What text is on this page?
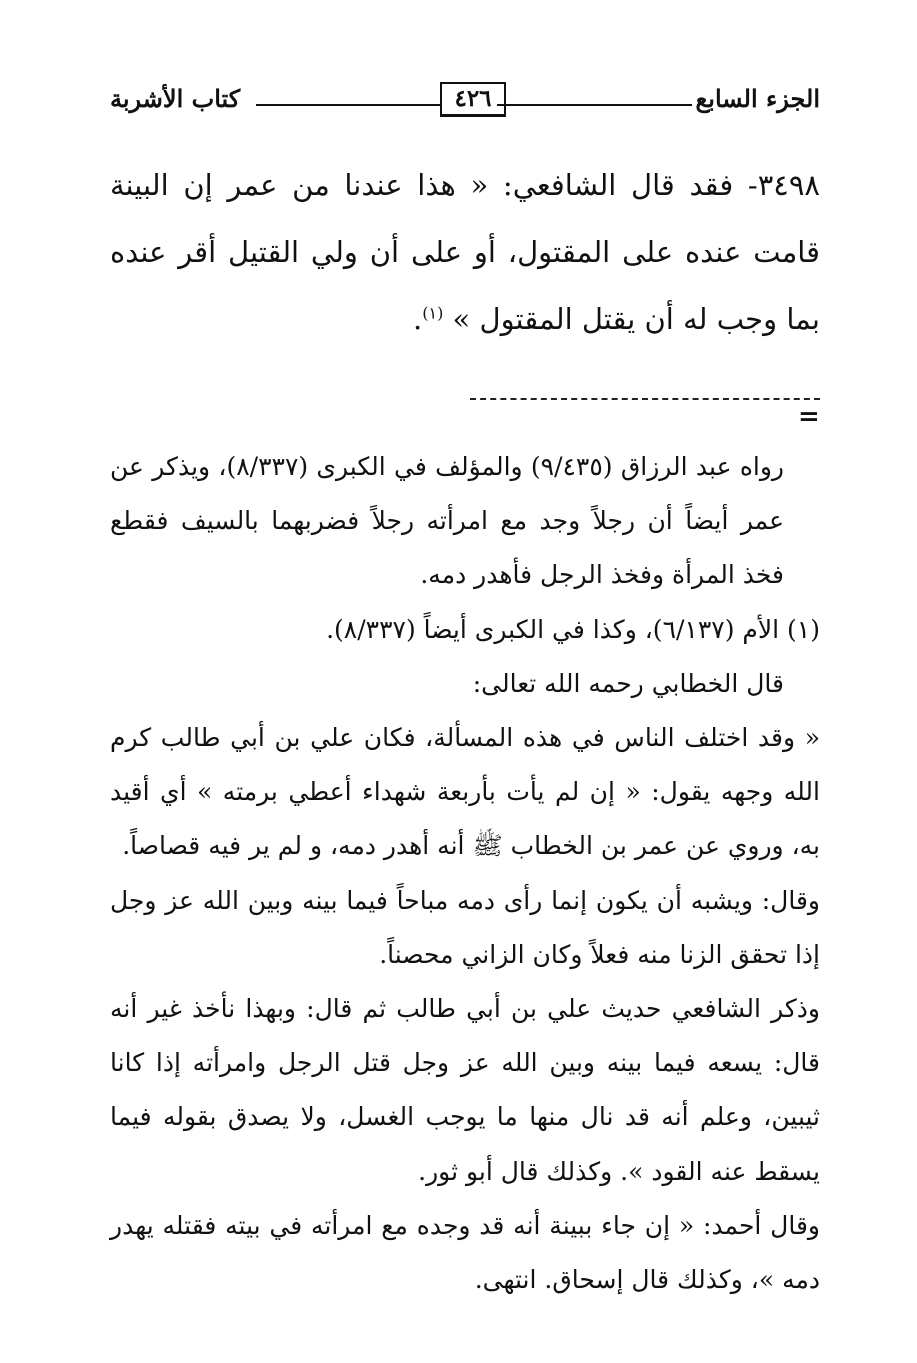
الجزء السابع
٤٢٦
كتاب الأشربة

٣٤٩٨- فقد قال الشافعي: « هذا عندنا من عمر إن البينة قامت عنده على المقتول، أو على أن ولي القتيل أقر عنده بما وجب له أن يقتل المقتول » $^{(١)}$.

=

رواه عبد الرزاق (٩/٤٣٥) والمؤلف في الكبرى (٨/٣٣٧)، ويذكر عن عمر أيضاً أن رجلاً وجد مع امرأته رجلاً فضربهما بالسيف فقطع فخذ المرأة وفخذ الرجل فأهدر دمه.

(١) الأم (٦/١٣٧)، وكذا في الكبرى أيضاً (٨/٣٣٧).

قال الخطابي رحمه الله تعالى:

« وقد اختلف الناس في هذه المسألة، فكان علي بن أبي طالب كرم الله وجهه يقول: « إن لم يأت بأربعة شهداء أعطي برمته » أي أقيد به، وروي عن عمر بن الخطاب ﷺ أنه أهدر دمه، و لم ير فيه قصاصاً.

وقال: ويشبه أن يكون إنما رأى دمه مباحاً فيما بينه وبين الله عز وجل إذا تحقق الزنا منه فعلاً وكان الزاني محصناً.

وذكر الشافعي حديث علي بن أبي طالب ثم قال: وبهذا نأخذ غير أنه قال: يسعه فيما بينه وبين الله عز وجل قتل الرجل وامرأته إذا كانا ثيبين، وعلم أنه قد نال منها ما يوجب الغسل، ولا يصدق بقوله فيما يسقط عنه القود ». وكذلك قال أبو ثور.

وقال أحمد: « إن جاء ببينة أنه قد وجده مع امرأته في بيته فقتله يهدر دمه »، وكذلك قال إسحاق. انتهى.
